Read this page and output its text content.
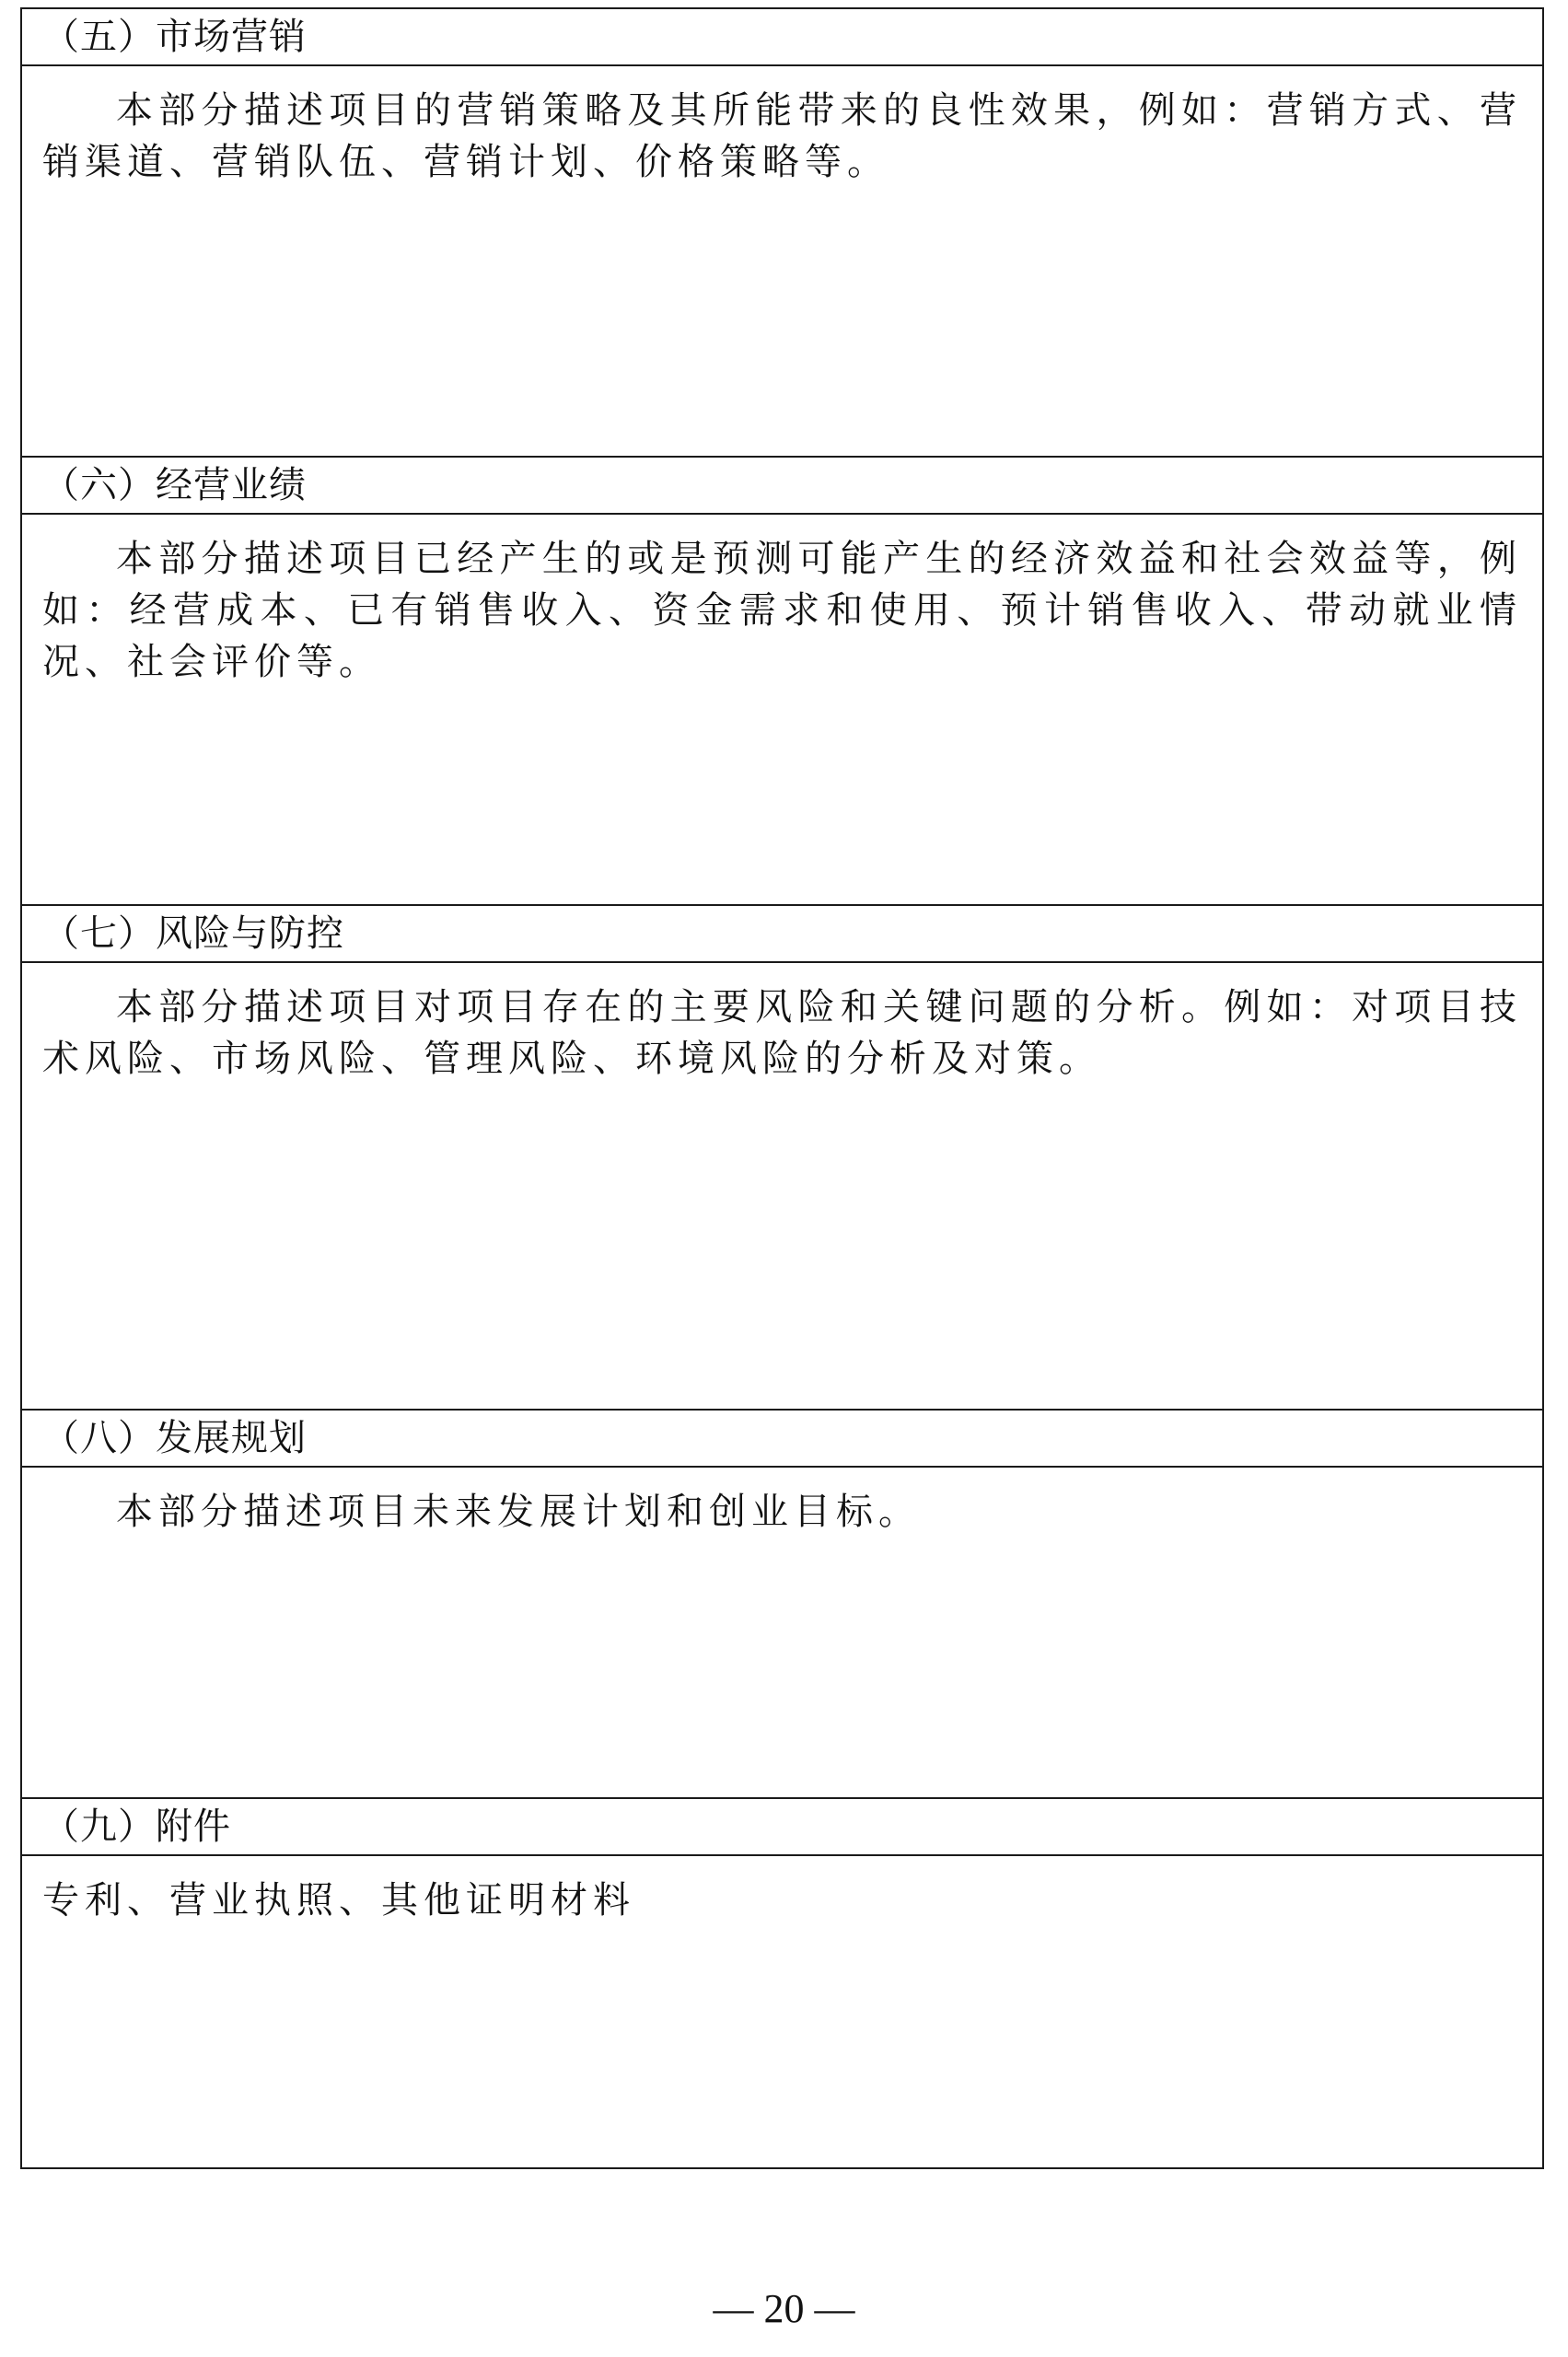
（五）市场营销

本部分描述项目的营销策略及其所能带来的良性效果，例如：营销方式、营销渠道、营销队伍、营销计划、价格策略等。

（六）经营业绩

本部分描述项目已经产生的或是预测可能产生的经济效益和社会效益等，例如：经营成本、已有销售收入、资金需求和使用、预计销售收入、带动就业情况、社会评价等。

（七）风险与防控

本部分描述项目对项目存在的主要风险和关键问题的分析。例如：对项目技术风险、市场风险、管理风险、环境风险的分析及对策。

（八）发展规划

本部分描述项目未来发展计划和创业目标。

（九）附件

专利、营业执照、其他证明材料

— 20 —
